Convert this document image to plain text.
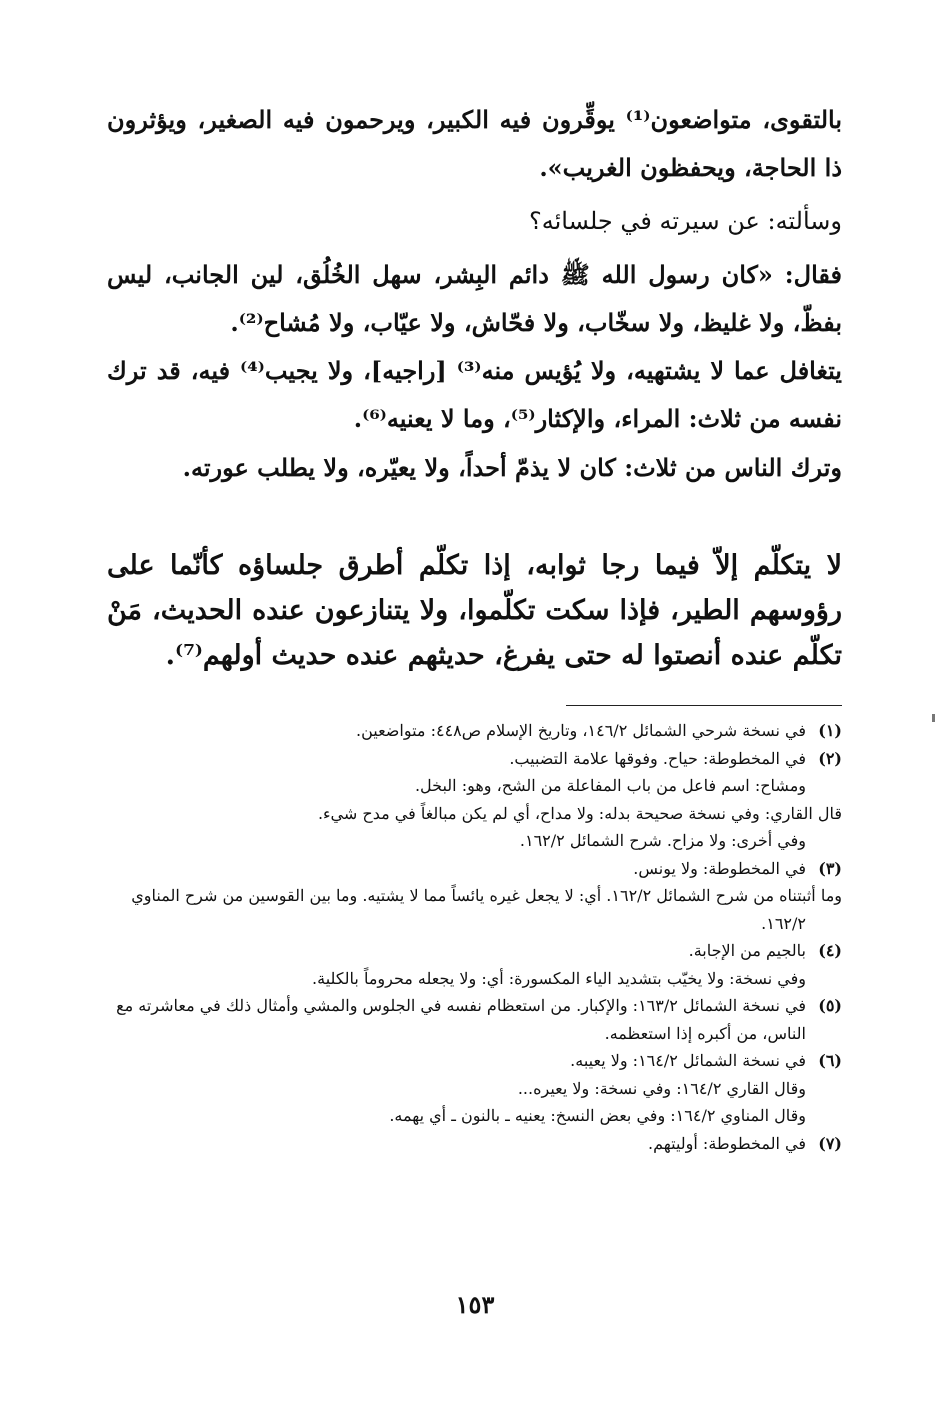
بالتقوى، متواضعون⁽¹⁾ يوقِّرون فيه الكبير، ويرحمون فيه الصغير، ويؤثرون ذا الحاجة، ويحفظون الغريب».
وسألته: عن سيرته في جلسائه؟
فقال: «كان رسول الله ﷺ دائم البِشر، سهل الخُلُق، لين الجانب، ليس بفظّ، ولا غليظ، ولا سخّاب، ولا فحّاش، ولا عيّاب، ولا مُشاح⁽²⁾.
يتغافل عما لا يشتهيه، ولا يُؤيس منه⁽³⁾ [راجيه]، ولا يجيب⁽⁴⁾ فيه، قد ترك نفسه من ثلاث: المراء، والإكثار⁽⁵⁾، وما لا يعنيه⁽⁶⁾.
وترك الناس من ثلاث: كان لا يذمّ أحداً، ولا يعيّره، ولا يطلب عورته.
لا يتكلّم إلاّ فيما رجا ثوابه، إذا تكلّم أطرق جلساؤه كأنّما على رؤوسهم الطير، فإذا سكت تكلّموا، ولا يتنازعون عنده الحديث، مَنْ تكلّم عنده أنصتوا له حتى يفرغ، حديثهم عنده حديث أولهم⁽⁷⁾.
(١)
في نسخة شرحي الشمائل ١٤٦/٢، وتاريخ الإسلام ص٤٤٨: متواضعين.
(٢)
في المخطوطة: حياح. وفوقها علامة التضبيب.
ومشاح: اسم فاعل من باب المفاعلة من الشح، وهو: البخل.
قال القاري: وفي نسخة صحيحة بدله: ولا مداح، أي لم يكن مبالغاً في مدح شيء.
وفي أخرى: ولا مزاح. شرح الشمائل ١٦٢/٢.
(٣)
في المخطوطة: ولا يونس.
وما أثبتناه من شرح الشمائل ١٦٢/٢. أي: لا يجعل غيره يائساً مما لا يشتيه. وما بين القوسين من شرح المناوي ١٦٢/٢.
(٤)
بالجيم من الإجابة.
وفي نسخة: ولا يخيّب بتشديد الياء المكسورة: أي: ولا يجعله محروماً بالكلية.
(٥)
في نسخة الشمائل ١٦٣/٢: والإكبار. من استعظام نفسه في الجلوس والمشي وأمثال ذلك في معاشرته مع الناس، من أكبره إذا استعظمه.
(٦)
في نسخة الشمائل ١٦٤/٢: ولا يعيبه.
وقال القاري ١٦٤/٢: وفي نسخة: ولا يعيره...
وقال المناوي ١٦٤/٢: وفي بعض النسخ: يعنيه ـ بالنون ـ أي يهمه.
(٧)
في المخطوطة: أوليتهم.
١٥٣
